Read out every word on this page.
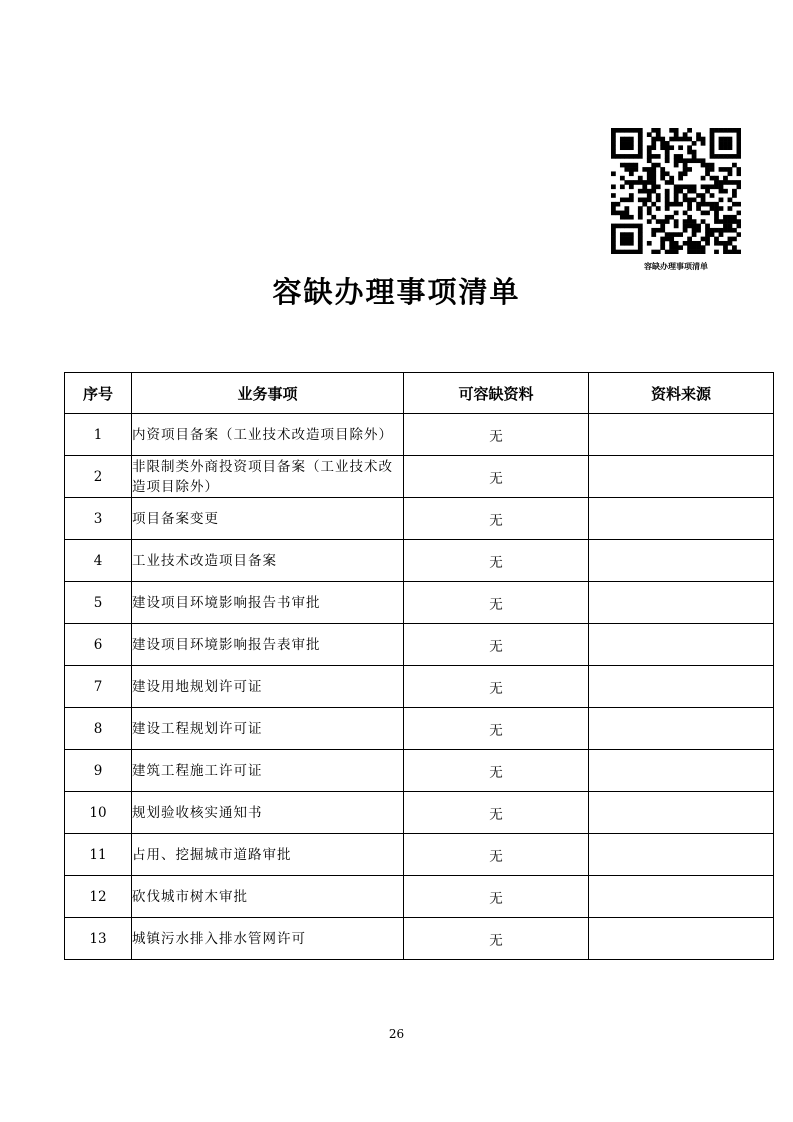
容缺办理事项清单
容缺办理事项清单
序号	业务事项	可容缺资料	资料来源
1	内资项目备案（工业技术改造项目除外）	无	
2	非限制类外商投资项目备案（工业技术改造项目除外）	无	
3	项目备案变更	无	
4	工业技术改造项目备案	无	
5	建设项目环境影响报告书审批	无	
6	建设项目环境影响报告表审批	无	
7	建设用地规划许可证	无	
8	建设工程规划许可证	无	
9	建筑工程施工许可证	无	
10	规划验收核实通知书	无	
11	占用、挖掘城市道路审批	无	
12	砍伐城市树木审批	无	
13	城镇污水排入排水管网许可	无	
26
